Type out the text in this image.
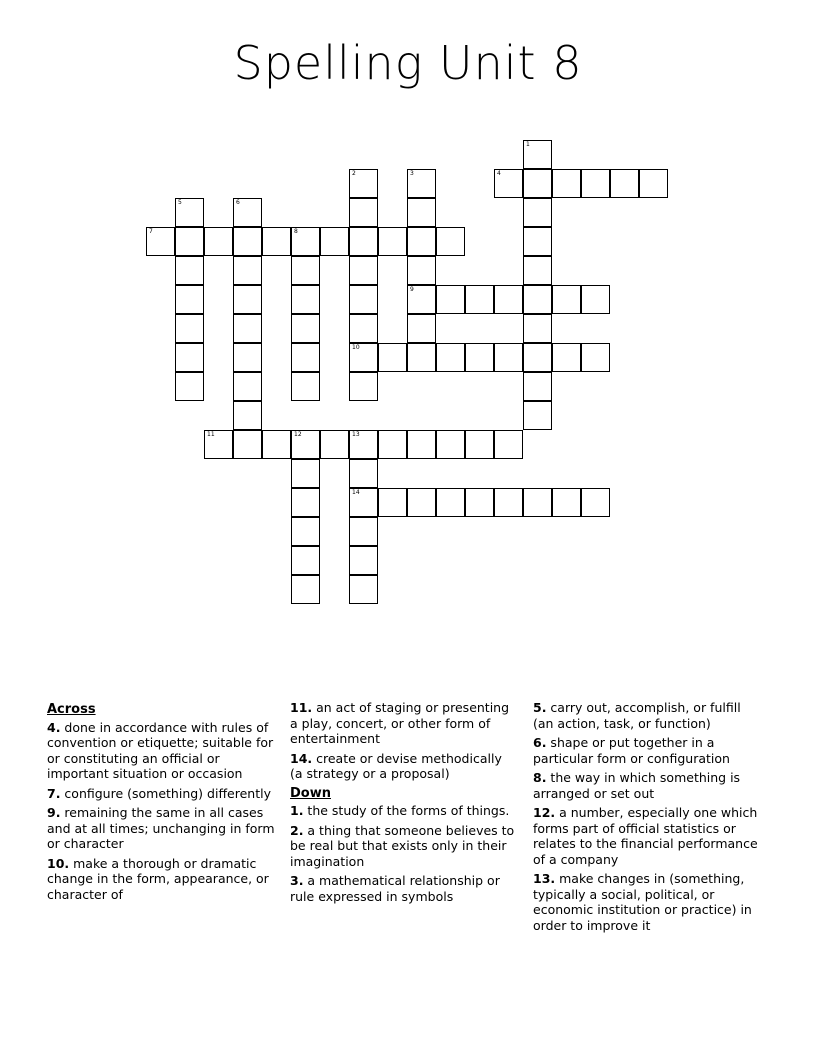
Spelling Unit 8
1
2
10
3
9
4
5	6
7	8
11	12	13
14
Across
4. done in accordance with rules of convention or etiquette; suitable for or constituting an official or important situation or occasion
7. configure (something) differently
9. remaining the same in all cases and at all times; unchanging in form or character
10. make a thorough or dramatic change in the form, appearance, or character of
11. an act of staging or presenting a play, concert, or other form of entertainment
14. create or devise methodically (a strategy or a proposal)
Down
1. the study of the forms of things.
2. a thing that someone believes to be real but that exists only in their imagination
3. a mathematical relationship or rule expressed in symbols
5. carry out, accomplish, or fulfill (an action, task, or function)
6. shape or put together in a particular form or configuration
8. the way in which something is arranged or set out
12. a number, especially one which forms part of official statistics or relates to the financial performance of a company
13. make changes in (something, typically a social, political, or economic institution or practice) in order to improve it
